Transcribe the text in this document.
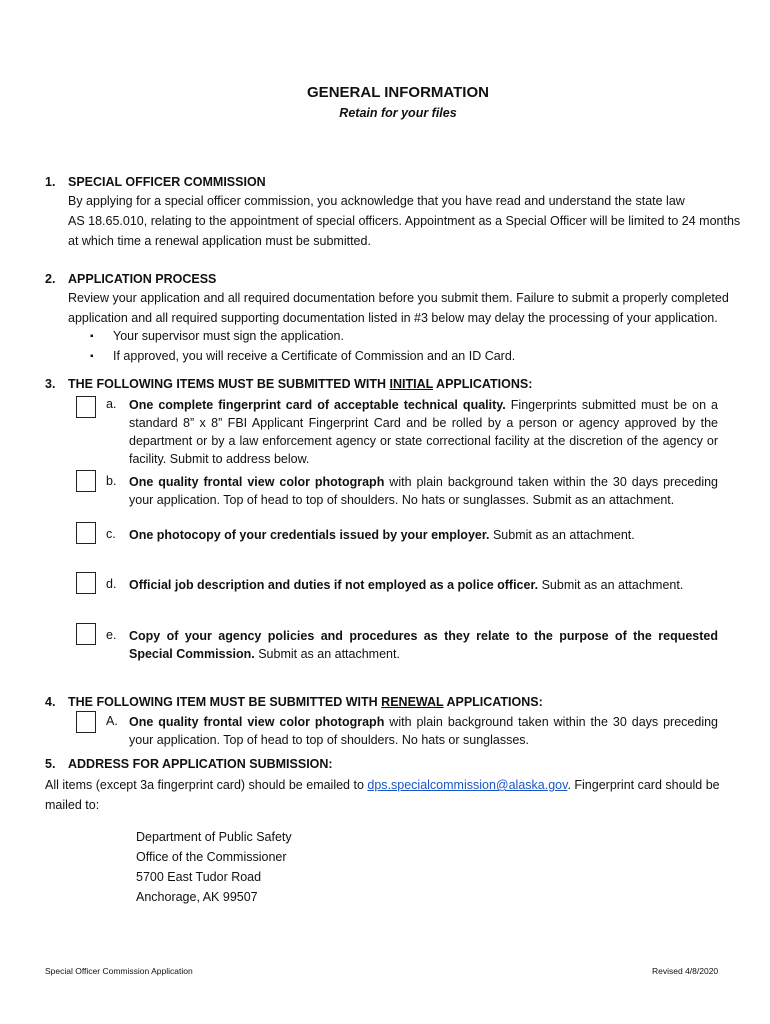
GENERAL INFORMATION
Retain for your files
1. SPECIAL OFFICER COMMISSION
By applying for a special officer commission, you acknowledge that you have read and understand the state law
AS 18.65.010, relating to the appointment of special officers. Appointment as a Special Officer will be limited to 24 months
at which time a renewal application must be submitted.
2. APPLICATION PROCESS
Review your application and all required documentation before you submit them. Failure to submit a properly completed
application and all required supporting documentation listed in #3 below may delay the processing of your application.
▪ Your supervisor must sign the application.
▪ If approved, you will receive a Certificate of Commission and an ID Card.
3. THE FOLLOWING ITEMS MUST BE SUBMITTED WITH INITIAL APPLICATIONS:
a. One complete fingerprint card of acceptable technical quality. Fingerprints submitted must be on a standard 8” x 8” FBI Applicant Fingerprint Card and be rolled by a person or agency approved by the department or by a law enforcement agency or state correctional facility at the discretion of the agency or facility. Submit to address below.
b. One quality frontal view color photograph with plain background taken within the 30 days preceding your application. Top of head to top of shoulders. No hats or sunglasses. Submit as an attachment.
c. One photocopy of your credentials issued by your employer. Submit as an attachment.
d. Official job description and duties if not employed as a police officer. Submit as an attachment.
e. Copy of your agency policies and procedures as they relate to the purpose of the requested Special Commission. Submit as an attachment.
4. THE FOLLOWING ITEM MUST BE SUBMITTED WITH RENEWAL APPLICATIONS:
A. One quality frontal view color photograph with plain background taken within the 30 days preceding your application. Top of head to top of shoulders. No hats or sunglasses.
5. ADDRESS FOR APPLICATION SUBMISSION:
All items (except 3a fingerprint card) should be emailed to dps.specialcommission@alaska.gov. Fingerprint card should be
mailed to:
Department of Public Safety
Office of the Commissioner
5700 East Tudor Road
Anchorage, AK 99507
Special Officer Commission Application	Revised 4/8/2020
